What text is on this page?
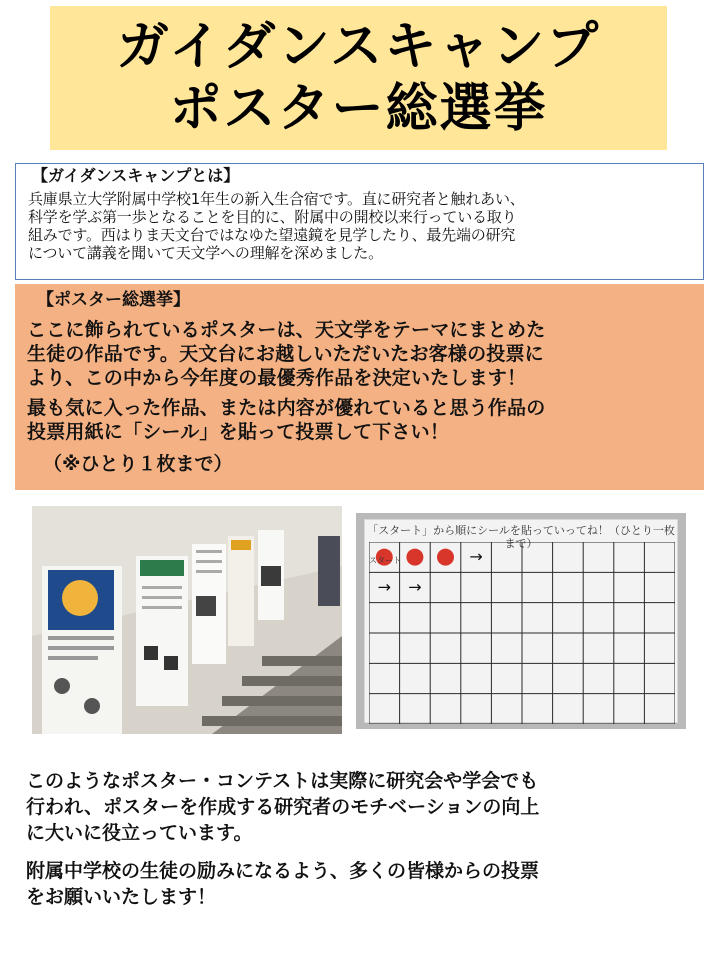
ガイダンスキャンプ
ポスター総選挙
【ガイダンスキャンプとは】
兵庫県立大学附属中学校1年生の新入生合宿です。直に研究者と触れあい、
科学を学ぶ第一歩となることを目的に、附属中の開校以来行っている取り
組みです。西はりま天文台ではなゆた望遠鏡を見学したり、最先端の研究
について講義を聞いて天文学への理解を深めました。
【ポスター総選挙】
ここに飾られているポスターは、天文学をテーマにまとめた
生徒の作品です。天文台にお越しいただいたお客様の投票に
より、この中から今年度の最優秀作品を決定いたします！
最も気に入った作品、または内容が優れていると思う作品の
投票用紙に「シール」を貼って投票して下さい！
（※ひとり１枚まで）
「スタート」から順にシールを貼っていってね！（ひとり一枚まで）
→
→ →
スタート
このようなポスター・コンテストは実際に研究会や学会でも
行われ、ポスターを作成する研究者のモチベーションの向上
に大いに役立っています。
附属中学校の生徒の励みになるよう、多くの皆様からの投票
をお願いいたします！
